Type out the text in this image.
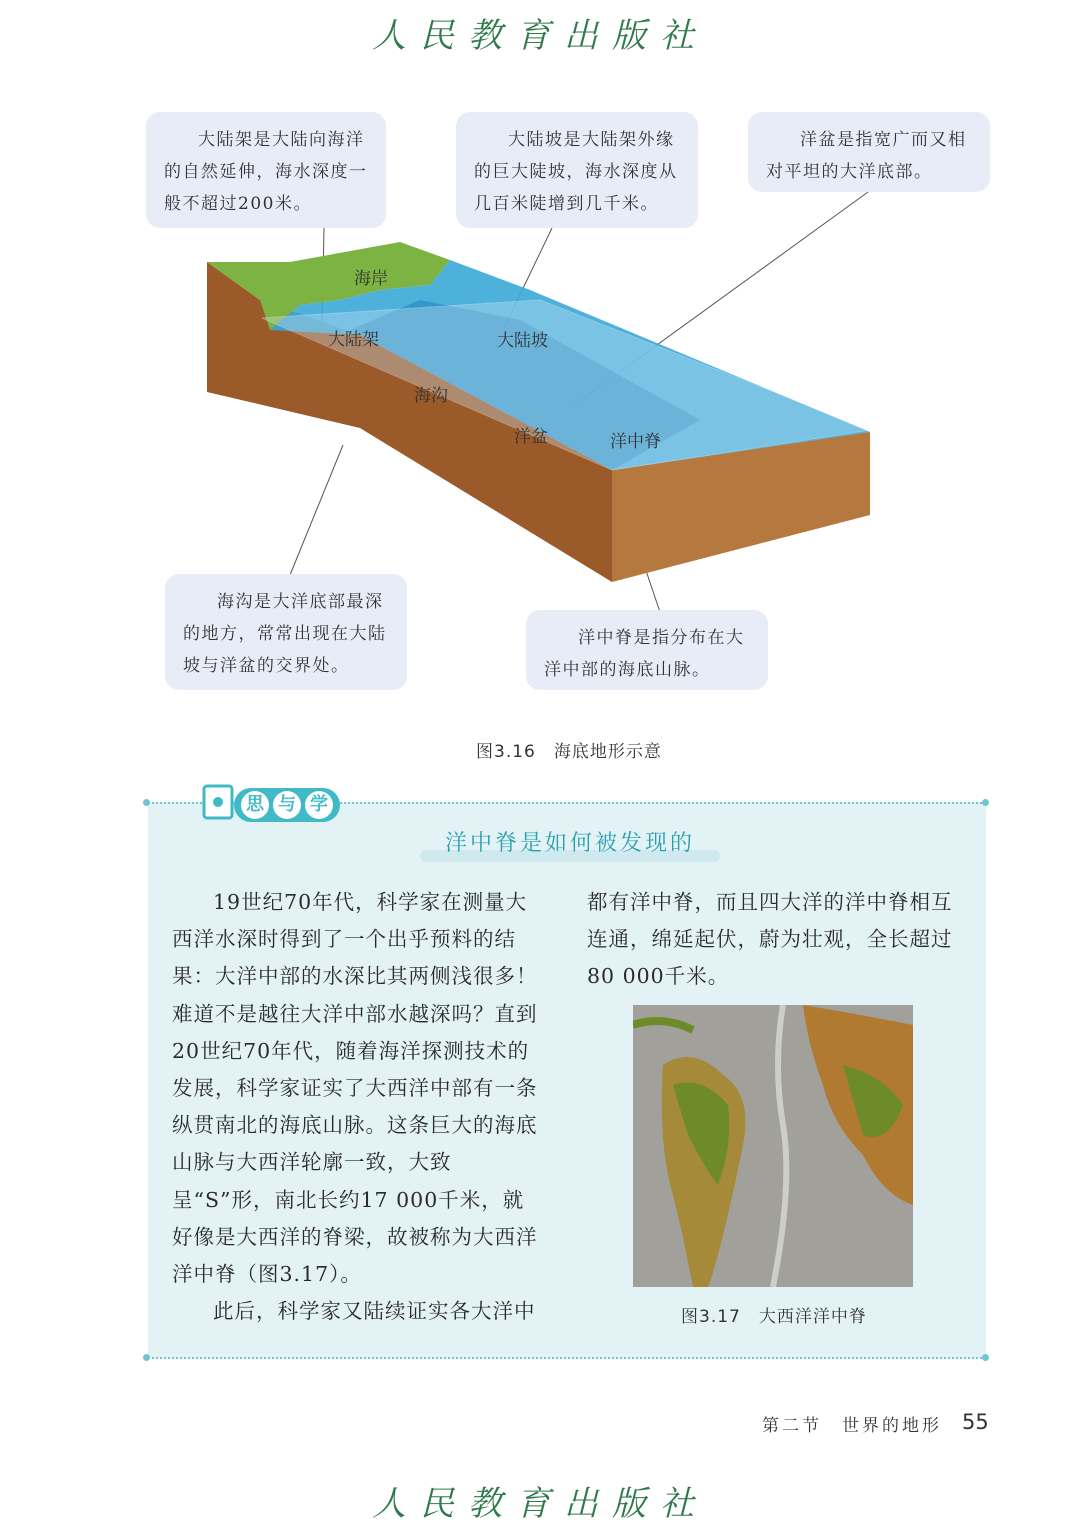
人民教育出版社
海岸
大陆架	大陆坡
海沟
洋盆	洋中脊

大陆架是大陆向海洋的自然延伸，海水深度一般不超过200米。

大陆坡是大陆架外缘的巨大陡坡，海水深度从几百米陡增到几千米。

洋盆是指宽广而又相对平坦的大洋底部。

海沟是大洋底部最深的地方，常常出现在大陆坡与洋盆的交界处。

洋中脊是指分布在大洋中部的海底山脉。

图3.16　海底地形示意
思 与 学
洋中脊是如何被发现的

19世纪70年代，科学家在测量大西洋水深时得到了一个出乎预料的结果：大洋中部的水深比其两侧浅很多！难道不是越往大洋中部水越深吗？直到20世纪70年代，随着海洋探测技术的发展，科学家证实了大西洋中部有一条纵贯南北的海底山脉。这条巨大的海底山脉与大西洋轮廓一致，大致呈“S”形，南北长约17 000千米，就好像是大西洋的脊梁，故被称为大西洋洋中脊（图3.17）。

此后，科学家又陆续证实各大洋中

都有洋中脊，而且四大洋的洋中脊相互连通，绵延起伏，蔚为壮观，全长超过80 000千米。

图3.17　大西洋洋中脊
第二节　世界的地形 55
人民教育出版社
